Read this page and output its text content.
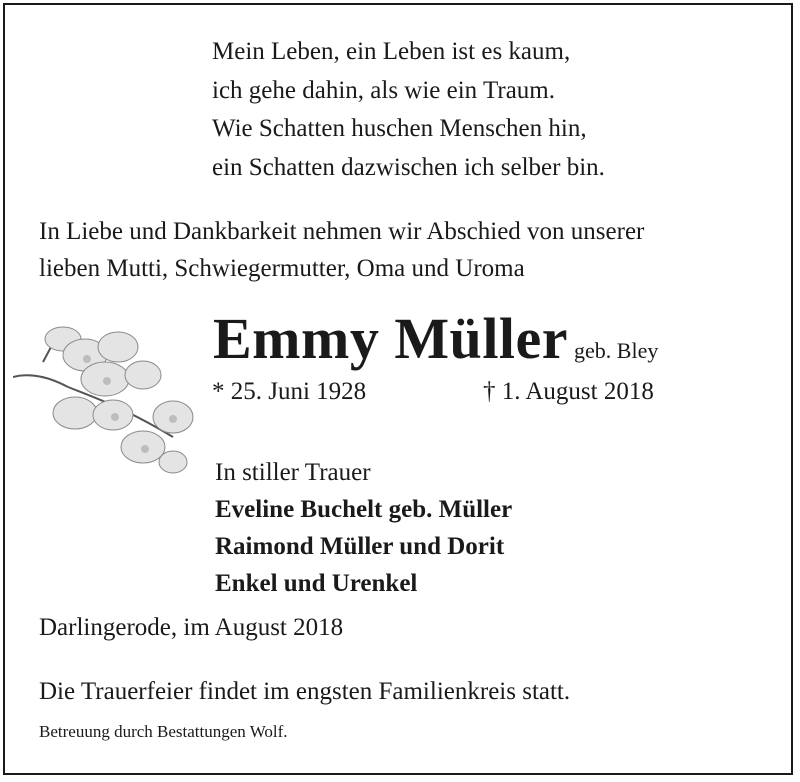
Mein Leben, ein Leben ist es kaum,
ich gehe dahin, als wie ein Traum.
Wie Schatten huschen Menschen hin,
ein Schatten dazwischen ich selber bin.
In Liebe und Dankbarkeit nehmen wir Abschied von unserer
lieben Mutti, Schwiegermutter, Oma und Uroma
Emmy Müller geb. Bley
* 25. Juni 1928	† 1. August 2018
In stiller Trauer
Eveline Buchelt geb. Müller
Raimond Müller und Dorit
Enkel und Urenkel
Darlingerode, im August 2018
Die Trauerfeier findet im engsten Familienkreis statt.
Betreuung durch Bestattungen Wolf.
